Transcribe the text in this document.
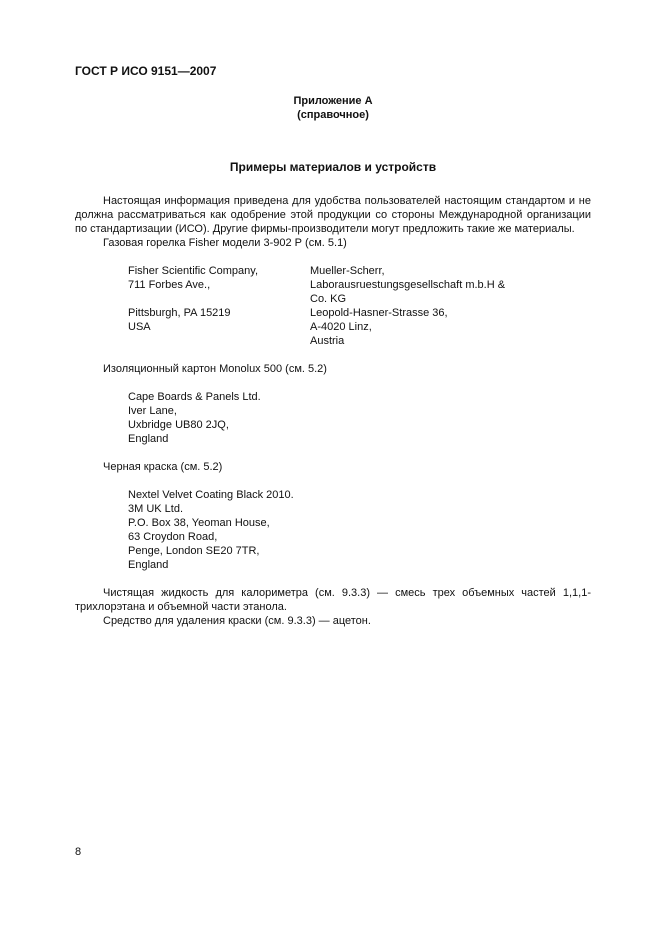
ГОСТ Р ИСО 9151—2007
Приложение А
(справочное)
Примеры материалов и устройств

Настоящая информация приведена для удобства пользователей настоящим стандартом и не должна рассматриваться как одобрение этой продукции со стороны Международной организации по стандартизации (ИСО). Другие фирмы-производители могут предложить такие же материалы.

Газовая горелка Fisher модели 3-902 Р (см. 5.1)

Fisher Scientific Company,	Mueller-Scherr,
711 Forbes Ave.,	Laborausruestungsgesellschaft m.b.H &
Co. KG
Pittsburgh, PA 15219	Leopold-Hasner-Strasse 36,
USA	A-4020 Linz,
Austria

Изоляционный картон Monolux 500 (см. 5.2)

Cape Boards & Panels Ltd.
Iver Lane,
Uxbridge UB80 2JQ,
England

Черная краска (см. 5.2)

Nextel Velvet Coating Black 2010.
3M UK Ltd.
P.O. Box 38, Yeoman House,
63 Croydon Road,
Penge, London SE20 7TR,
England

Чистящая жидкость для калориметра (см. 9.3.3) — смесь трех объемных частей 1,1,1-трихлорэтана и объемной части этанола.

Средство для удаления краски (см. 9.3.3) — ацетон.

8
